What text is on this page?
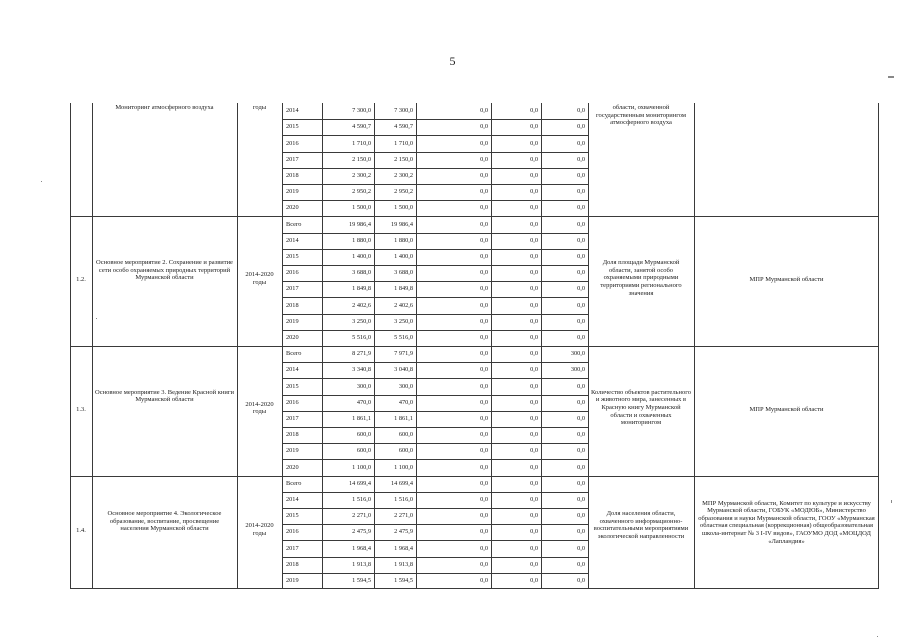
5
2014	7 300,0	7 300,0	0,0	0,0	0,0
2015	4 590,7	4 590,7	0,0	0,0	0,0
2016	1 710,0	1 710,0	0,0	0,0	0,0
2017	2 150,0	2 150,0	0,0	0,0	0,0
2018	2 300,2	2 300,2	0,0	0,0	0,0
2019	2 950,2	2 950,2	0,0	0,0	0,0
2020	1 500,0	1 500,0	0,0	0,0	0,0
Мониторинг атмосферного воздуха	годы	области, охваченной государственным мониторингом атмосферного воздуха
Всего	19 986,4	19 986,4	0,0	0,0	0,0
2014	1 880,0	1 880,0	0,0	0,0	0,0
2015	1 400,0	1 400,0	0,0	0,0	0,0
2016	3 688,0	3 688,0	0,0	0,0	0,0
2017	1 849,8	1 849,8	0,0	0,0	0,0
2018	2 402,6	2 402,6	0,0	0,0	0,0
2019	3 250,0	3 250,0	0,0	0,0	0,0
2020	5 516,0	5 516,0	0,0	0,0	0,0
1.2.
Основное мероприятие 2. Сохранение и развитие сети особо охраняемых природных территорий Мурманской области	2014-2020 годы
Доля площади Мурманской области, занятой особо охраняемыми природными территориями регионального значения
МПР Мурманской области
Всего	8 271,9	7 971,9	0,0	0,0	300,0
2014	3 340,8	3 040,8	0,0	0,0	300,0
2015	300,0	300,0	0,0	0,0	0,0
2016	470,0	470,0	0,0	0,0	0,0
2017	1 861,1	1 861,1	0,0	0,0	0,0
2018	600,0	600,0	0,0	0,0	0,0
2019	600,0	600,0	0,0	0,0	0,0
2020	1 100,0	1 100,0	0,0	0,0	0,0
1.3.
Основное мероприятие 3. Ведение Красной книги Мурманской области
2014-2020 годы
Количество объектов растительного и животного мира, занесенных в Красную книгу Мурманской области и охваченных мониторингом
МПР Мурманской области
Всего	14 699,4	14 699,4	0,0	0,0	0,0
2014	1 516,0	1 516,0	0,0	0,0	0,0
2015	2 271,0	2 271,0	0,0	0,0	0,0
2016	2 475,9	2 475,9	0,0	0,0	0,0
2017	1 968,4	1 968,4	0,0	0,0	0,0
2018	1 913,8	1 913,8	0,0	0,0	0,0
2019	1 594,5	1 594,5	0,0	0,0	0,0
1.4.
Основное мероприятие 4. Экологическое образование, воспитание, просвещение населения Мурманской области	2014-2020 годы
Доля населения области, охваченного информационно-воспитательными мероприятиями экологической направленности
МПР Мурманской области, Комитет по культуре и искусству Мурманской области, ГОБУК «МОДЮБ», Министерство образования и науки Мурманской области, ГООУ «Мурманская областная специальная (коррекционная) общеобразовательная школа-интернат № 3 I-IV видов», ГАОУМО ДОД «МОЦДОД «Лапландия»
